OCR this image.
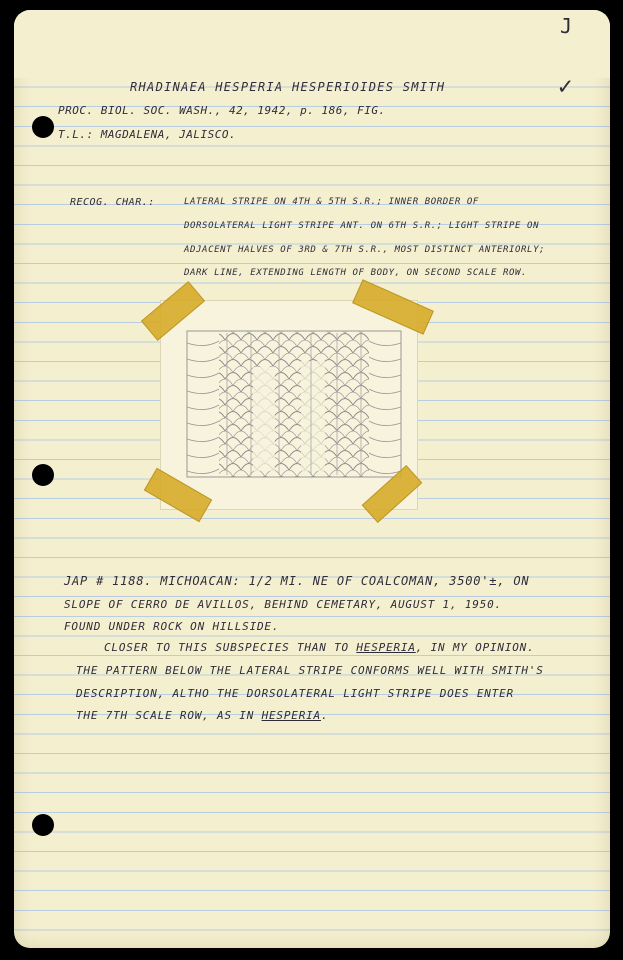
J
✓
RHADINAEA HESPERIA HESPERIOIDES SMITH
PROC. BIOL. SOC. WASH., 42, 1942, p. 186, FIG.
T.L.: MAGDALENA, JALISCO.
RECOG. CHAR.:	LATERAL STRIPE ON 4TH & 5TH S.R.; INNER BORDER OF
DORSOLATERAL LIGHT STRIPE ANT. ON 6TH S.R.; LIGHT STRIPE ON
ADJACENT HALVES OF 3RD & 7TH S.R., MOST DISTINCT ANTERIORLY;
DARK LINE, EXTENDING LENGTH OF BODY, ON SECOND SCALE ROW.
JAP # 1188. MICHOACAN: 1/2 MI. NE OF COALCOMAN, 3500'±, ON
SLOPE OF CERRO DE AVILLOS, BEHIND CEMETARY, AUGUST 1, 1950.
FOUND UNDER ROCK ON HILLSIDE.
CLOSER TO THIS SUBSPECIES THAN TO HESPERIA, IN MY OPINION.
THE PATTERN BELOW THE LATERAL STRIPE CONFORMS WELL WITH SMITH'S
DESCRIPTION, ALTHO THE DORSOLATERAL LIGHT STRIPE DOES ENTER
THE 7TH SCALE ROW, AS IN HESPERIA.
